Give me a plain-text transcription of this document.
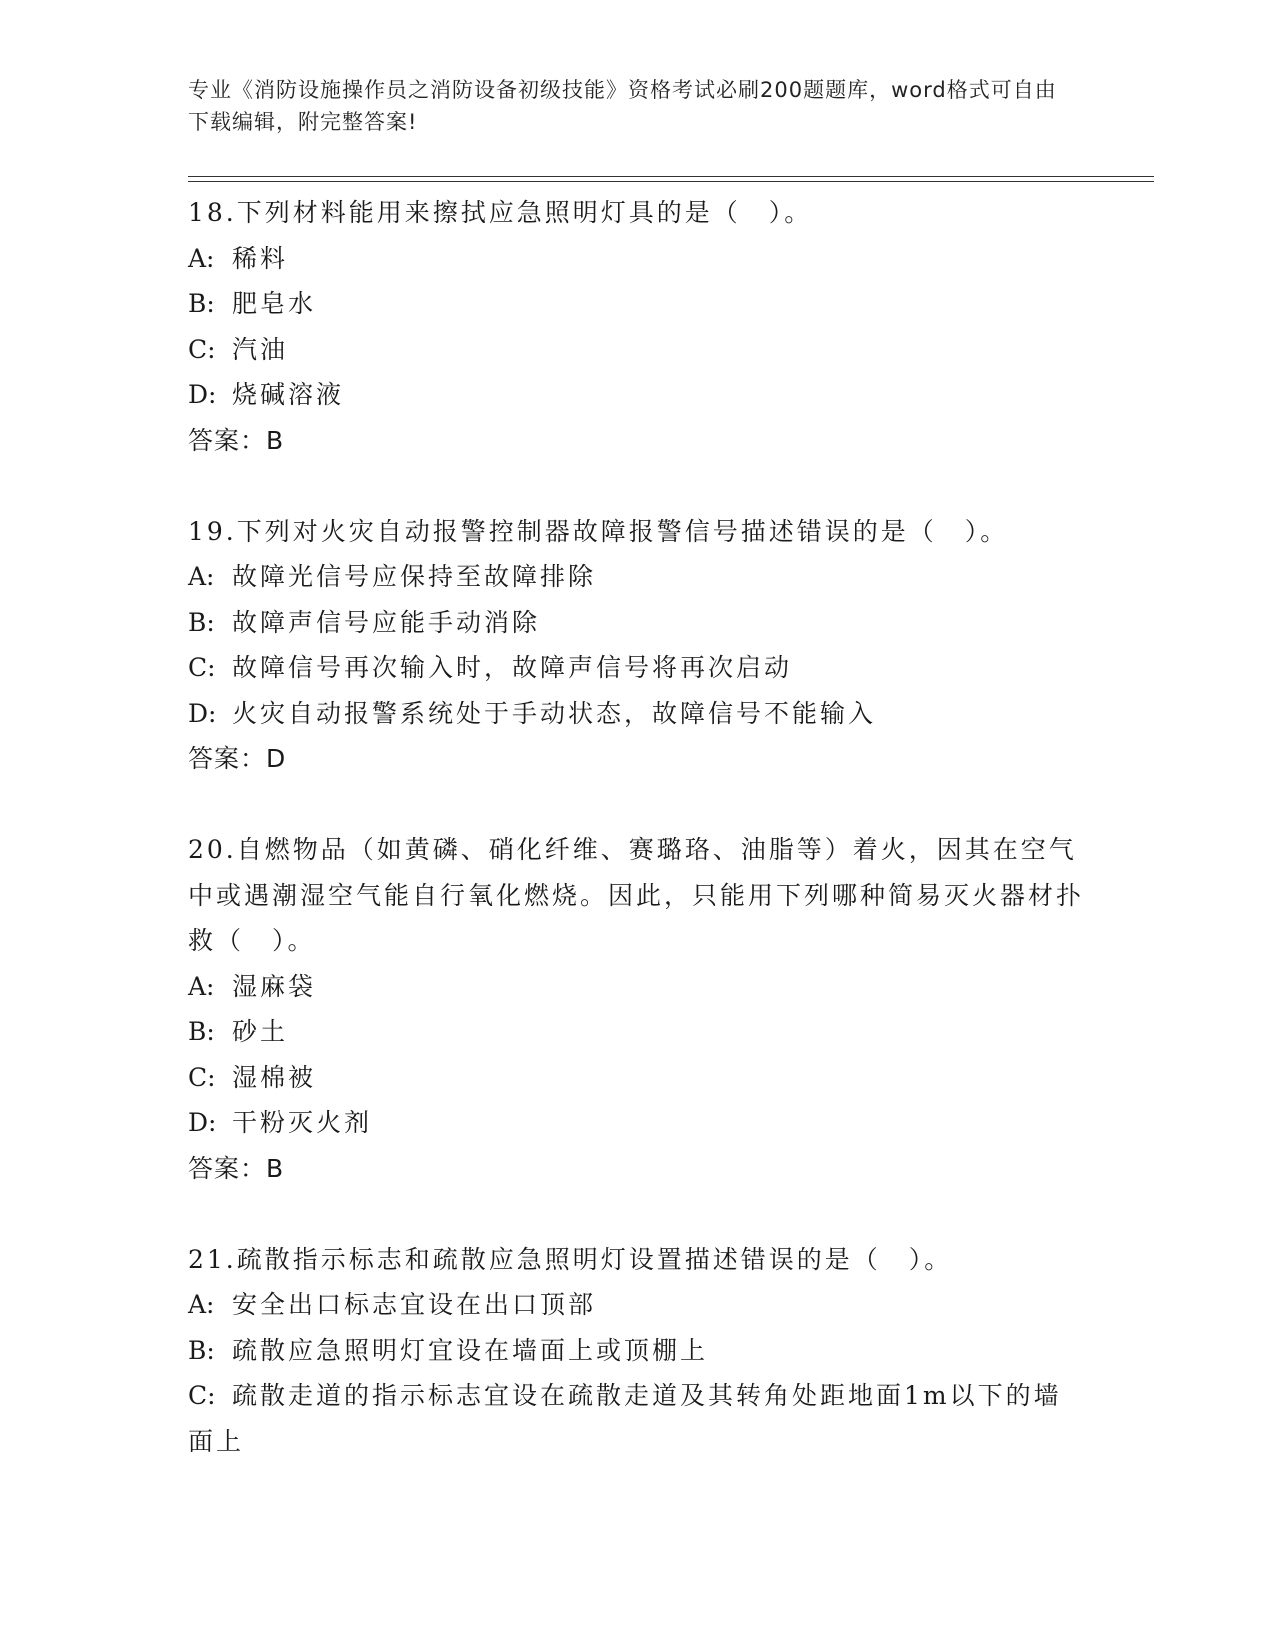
专业《消防设施操作员之消防设备初级技能》资格考试必刷200题题库，word格式可自由下载编辑，附完整答案!

18.下列材料能用来擦拭应急照明灯具的是（　）。

A: 稀料

B: 肥皂水

C: 汽油

D: 烧碱溶液

答案：B

19.下列对火灾自动报警控制器故障报警信号描述错误的是（　）。

A: 故障光信号应保持至故障排除

B: 故障声信号应能手动消除

C: 故障信号再次输入时，故障声信号将再次启动

D: 火灾自动报警系统处于手动状态，故障信号不能输入

答案：D

20.自燃物品（如黄磷、硝化纤维、赛璐珞、油脂等）着火，因其在空气中或遇潮湿空气能自行氧化燃烧。因此，只能用下列哪种简易灭火器材扑救（　）。

A: 湿麻袋

B: 砂土

C: 湿棉被

D: 干粉灭火剂

答案：B

21.疏散指示标志和疏散应急照明灯设置描述错误的是（　）。

A: 安全出口标志宜设在出口顶部

B: 疏散应急照明灯宜设在墙面上或顶棚上

C: 疏散走道的指示标志宜设在疏散走道及其转角处距地面1m以下的墙面上
